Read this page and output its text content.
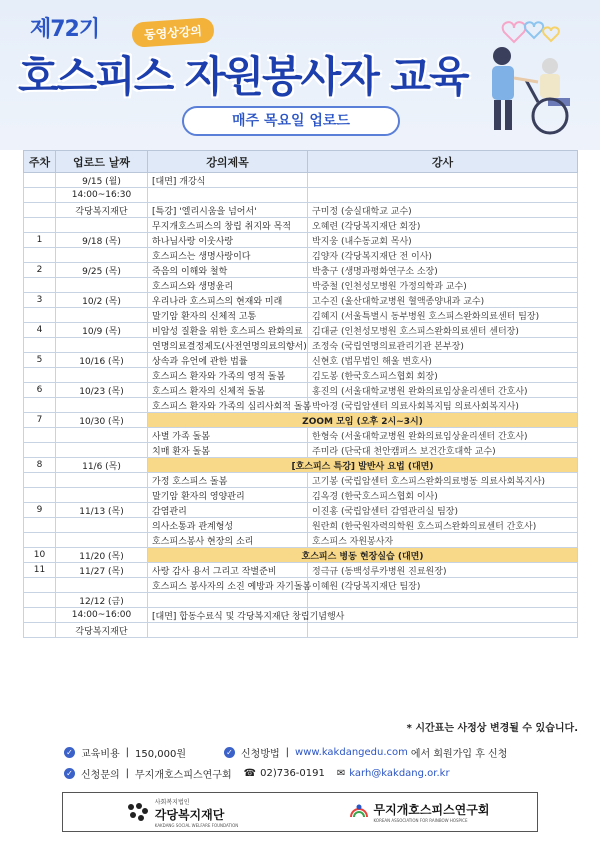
제72기	동영상강의
호스피스 자원봉사자 교육
매주 목요일 업로드
주차	업로드 날짜	강의제목	강사
	9/15 (월)	[대면] 개강식	
	14:00~16:30		
	각당복지재단	[특강] '엘리시움을 넘어서'	구미정 (숭실대학교 교수)
		무지개호스피스의 창립 취지와 목적	오혜련 (각당복지재단 회장)
1	9/18 (목)	하나님사랑 이웃사랑	박지웅 (내수동교회 목사)
		호스피스는 생명사랑이다	김양자 (각당복지재단 전 이사)
2	9/25 (목)	죽음의 이해와 철학	박충구 (생명과평화연구소 소장)
		호스피스와 생명윤리	박중철 (인천성모병원 가정의학과 교수)
3	10/2 (목)	우리나라 호스피스의 현재와 미래	고수진 (울산대학교병원 혈액종양내과 교수)
		말기암 환자의 신체적 고통	김혜지 (서울특별시 동부병원 호스피스완화의료센터 팀장)
4	10/9 (목)	비암성 질환을 위한 호스피스 완화의료	김대균 (인천성모병원 호스피스완화의료센터 센터장)
		연명의료결정제도(사전연명의료의향서)	조정숙 (국립연명의료관리기관 본부장)
5	10/16 (목)	상속과 유언에 관한 법률	신현호 (법무법인 해울 변호사)
		호스피스 환자와 가족의 영적 돌봄	김도봉 (한국호스피스협회 회장)
6	10/23 (목)	호스피스 환자의 신체적 돌봄	홍진의 (서울대학교병원 완화의료임상윤리센터 간호사)
		호스피스 환자와 가족의 심리사회적 돌봄	박아경 (국립암센터 의료사회복지팀 의료사회복지사)
7	10/30 (목)	ZOOM 모임 (오후 2시~3시)	
		사별 가족 돌봄	한형숙 (서울대학교병원 완화의료임상윤리센터 간호사)
		치매 환자 돌봄	주미라 (단국대 천안캠퍼스 보건간호대학 교수)
8	11/6 (목)	[호스피스 특강] 발반사 요법 (대면)	
		가정 호스피스 돌봄	고기봉 (국립암센터 호스피스완화의료병동 의료사회복지사)
		말기암 환자의 영양관리	김옥경 (한국호스피스협회 이사)
9	11/13 (목)	감염관리	이진홍 (국립암센터 감염관리실 팀장)
		의사소통과 관계형성	원란희 (한국원자력의학원 호스피스완화의료센터 간호사)
		호스피스봉사 현장의 소리	호스피스 자원봉사자
10	11/20 (목)	호스피스 병동 현장실습 (대면)	
11	11/27 (목)	사랑 감사 용서 그리고 작별준비	정극규 (동백성루카병원 진료원장)
		호스피스 봉사자의 소진 예방과 자기돌봄	이혜원 (각당복지재단 팀장)
	12/12 (금)		
	14:00~16:00	[대면] 합동수료식 및 각당복지재단 창립기념행사	
	각당복지재단		
* 시간표는 사정상 변경될 수 있습니다.
✓ 교육비용 | 150,000원	✓ 신청방법 | www.kakdangedu.com 에서 회원가입 후 신청
✓ 신청문의 | 무지개호스피스연구회 ☎ 02)736-0191 ✉ karh@kakdang.or.kr
사회복지법인
각당복지재단
KAKDANG SOCIAL WELFARE FOUNDATION
무지개호스피스연구회
KOREAN ASSOCIATION FOR RAINBOW HOSPICE
